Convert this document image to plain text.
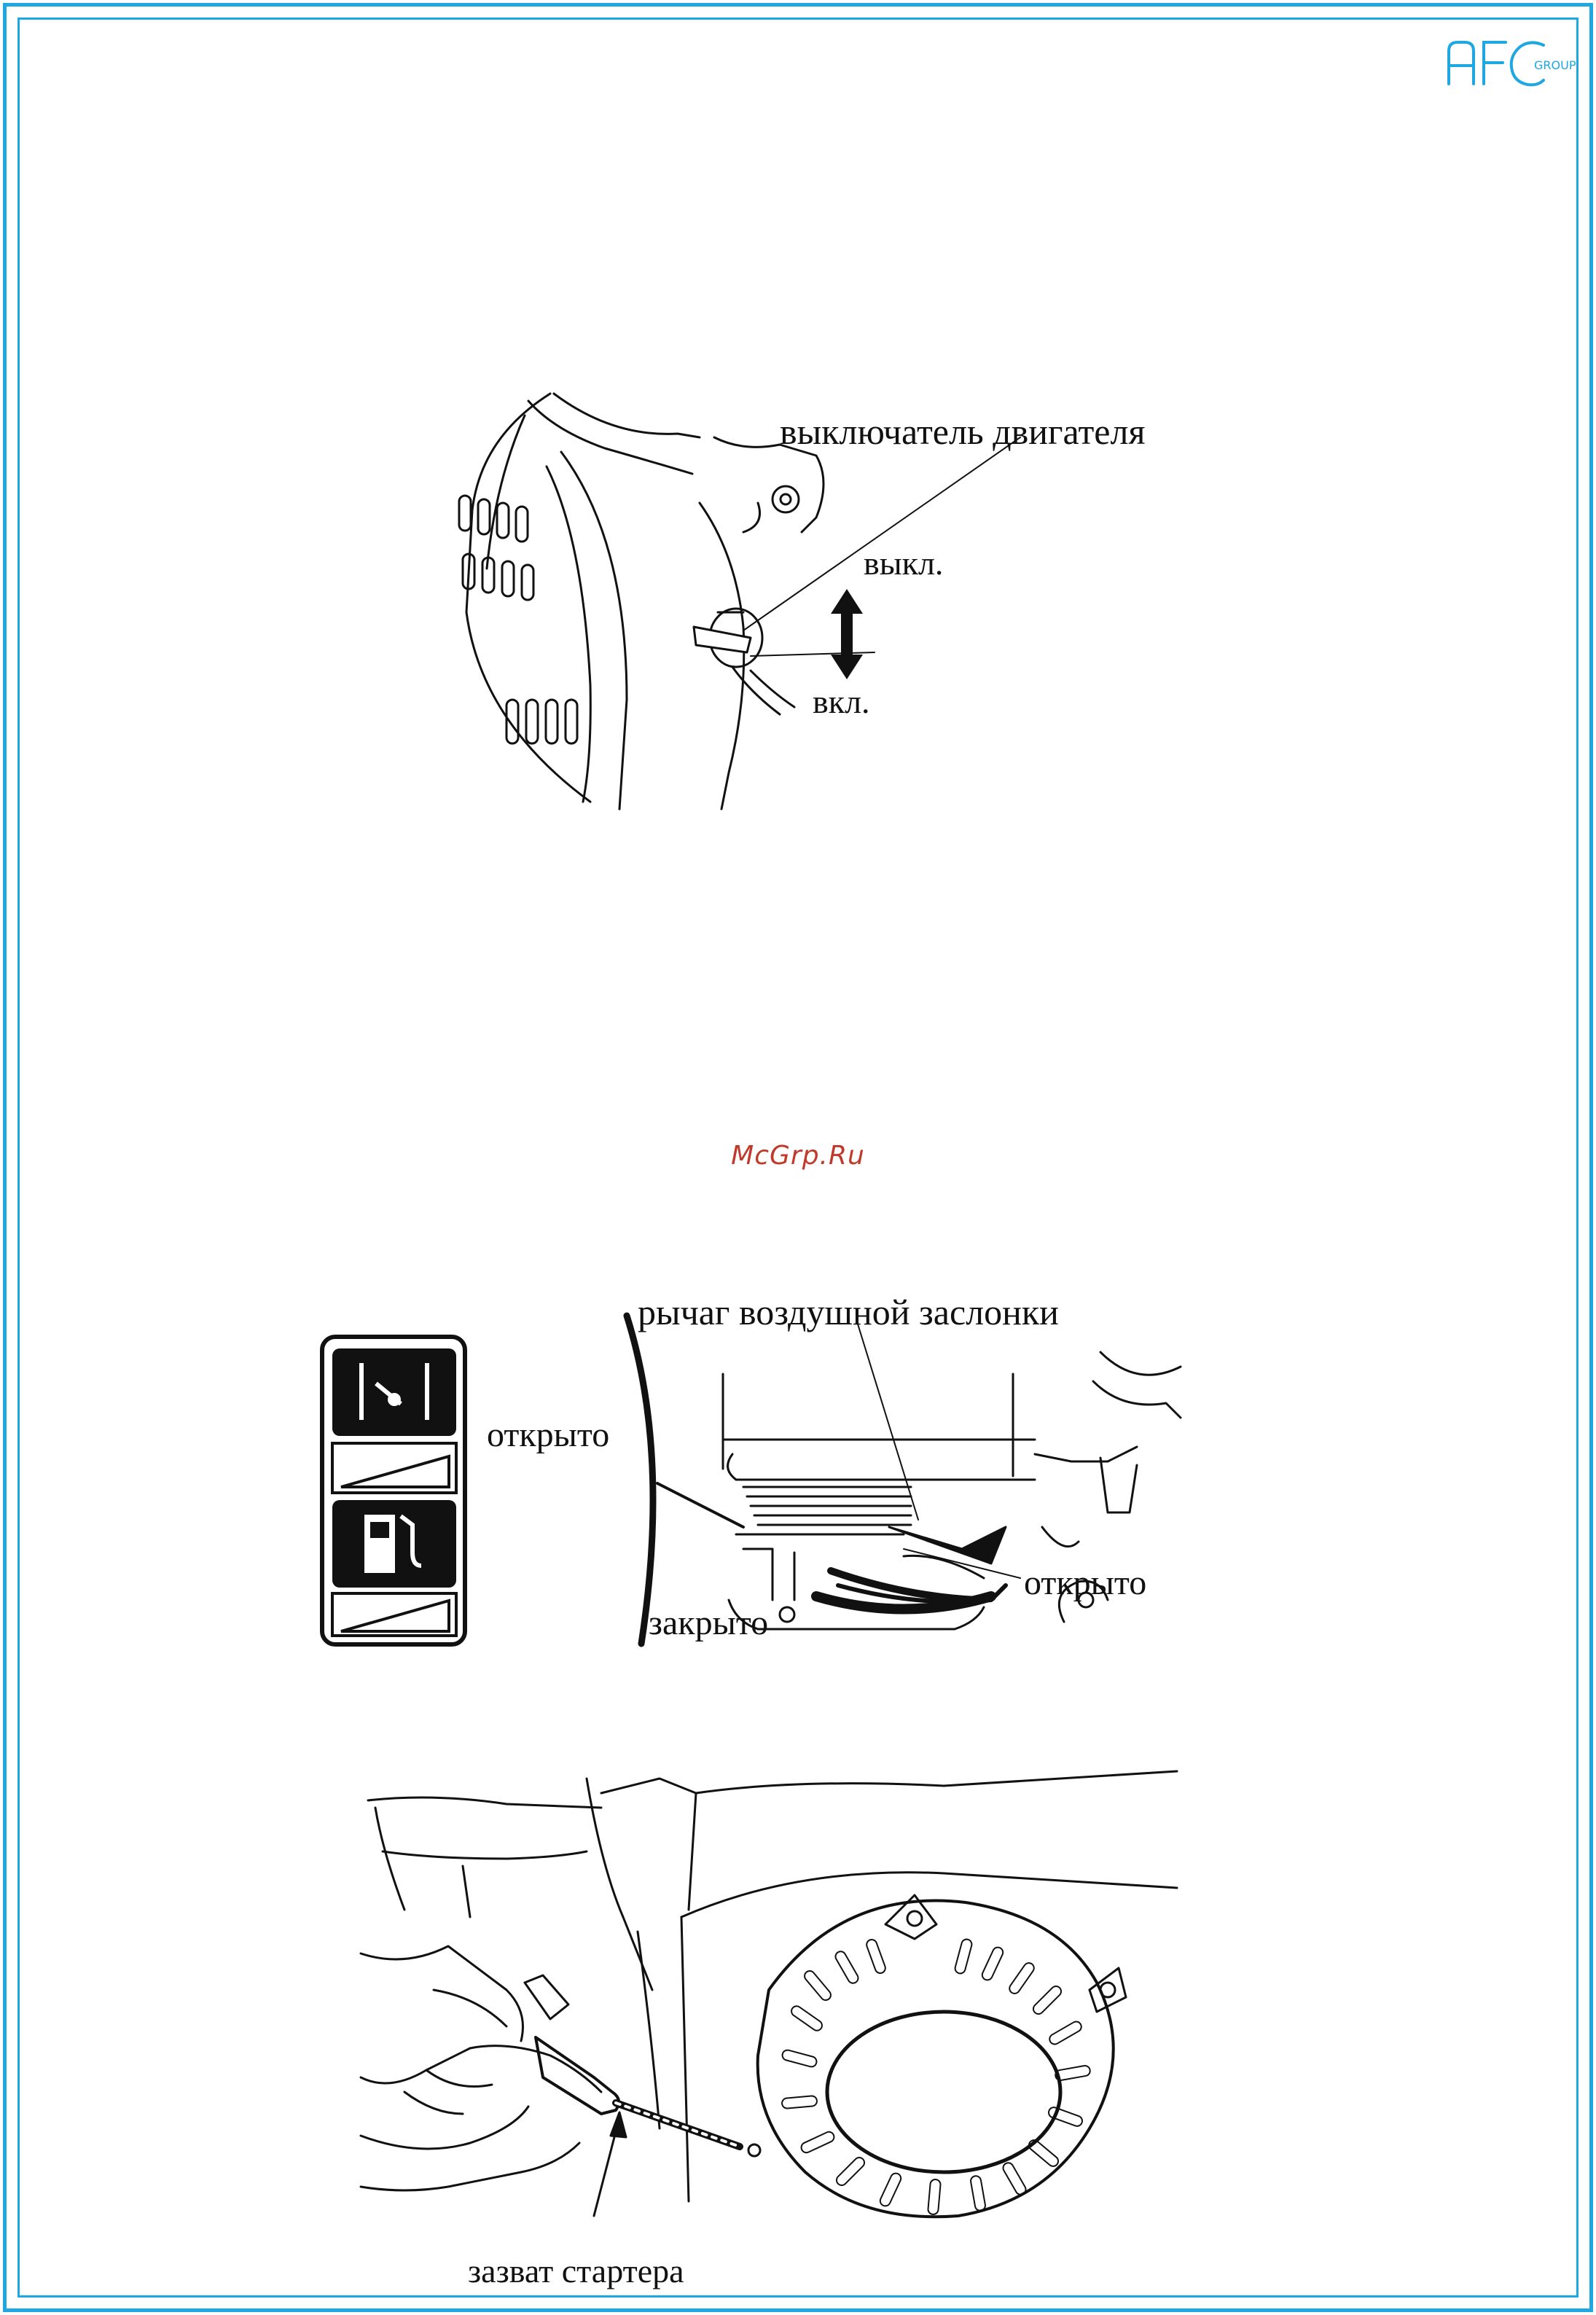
GROUP
выключатель двигателя
выкл.
вкл.
McGrp.Ru
рычаг воздушной заслонки
открыто
открыто
закрыто
зазват стартера
